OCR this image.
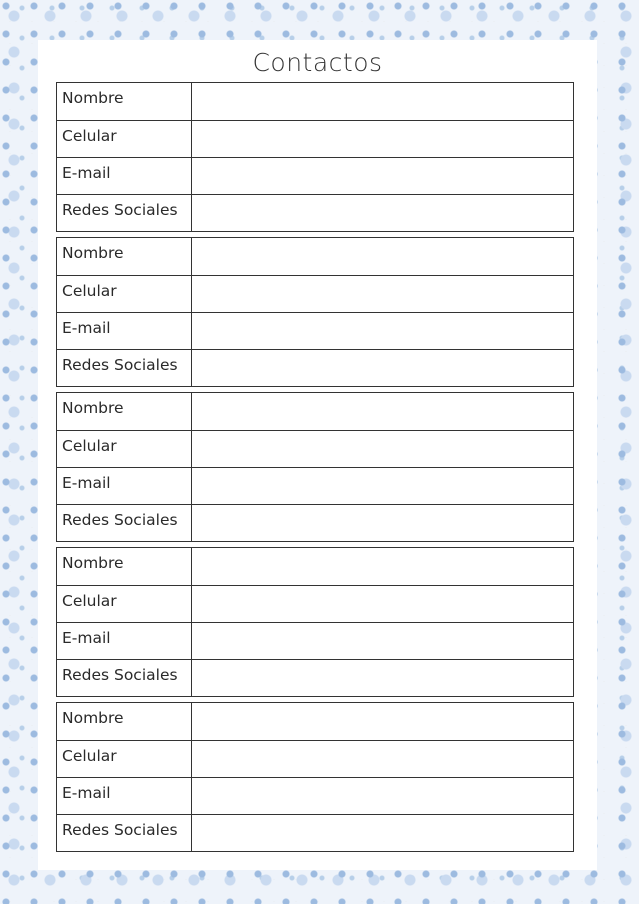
Contactos
Nombre
Celular
E-mail
Redes Sociales
Nombre
Celular
E-mail
Redes Sociales
Nombre
Celular
E-mail
Redes Sociales
Nombre
Celular
E-mail
Redes Sociales
Nombre
Celular
E-mail
Redes Sociales
